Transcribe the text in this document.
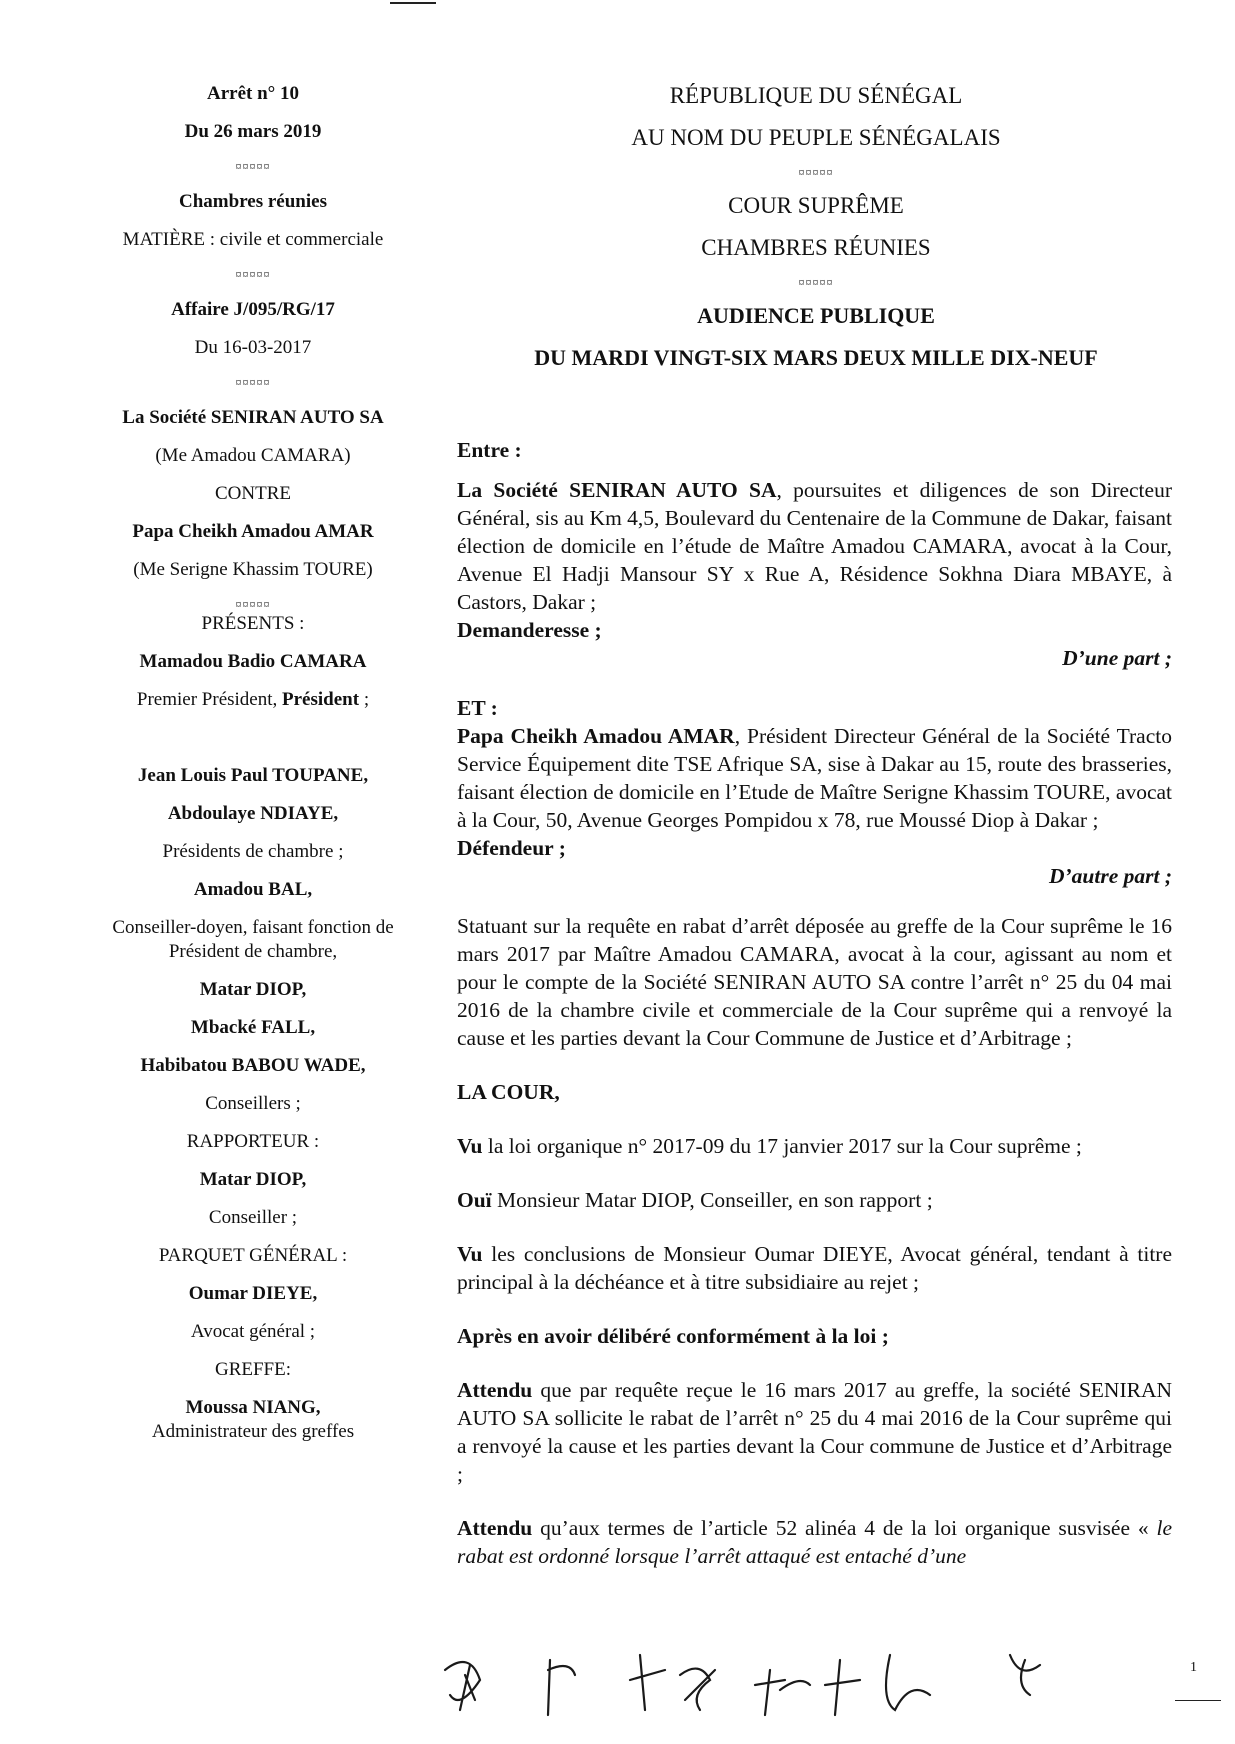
Arrêt n° 10

Du 26 mars 2019

¤¤¤¤¤

Chambres réunies

MATIÈRE : civile et commerciale

¤¤¤¤¤

Affaire J/095/RG/17

Du 16-03-2017

¤¤¤¤¤

La Société SENIRAN AUTO SA

(Me Amadou CAMARA)

CONTRE

Papa Cheikh Amadou AMAR

(Me Serigne Khassim TOURE)

¤¤¤¤¤

PRÉSENTS :

Mamadou Badio CAMARA

Premier Président, Président ;

Jean Louis Paul TOUPANE,

Abdoulaye NDIAYE,

Présidents de chambre ;

Amadou BAL,

Conseiller-doyen, faisant fonction de Président de chambre,

Matar DIOP,

Mbacké FALL,

Habibatou BABOU WADE,

Conseillers ;

RAPPORTEUR :

Matar DIOP,

Conseiller ;

PARQUET GÉNÉRAL :

Oumar DIEYE,

Avocat général ;

GREFFE:

Moussa NIANG,

Administrateur des greffes

RÉPUBLIQUE DU SÉNÉGAL
AU NOM DU PEUPLE SÉNÉGALAIS
¤¤¤¤¤
COUR SUPRÊME
CHAMBRES RÉUNIES
¤¤¤¤¤
AUDIENCE PUBLIQUE
DU MARDI VINGT-SIX MARS DEUX MILLE DIX-NEUF

Entre :

La Société SENIRAN AUTO SA, poursuites et diligences de son Directeur Général, sis au Km 4,5, Boulevard du Centenaire de la Commune de Dakar, faisant élection de domicile en l’étude de Maître Amadou CAMARA, avocat à la Cour, Avenue El Hadji Mansour SY x Rue A, Résidence Sokhna Diara MBAYE, à Castors, Dakar ;

Demanderesse ;

D’une part ;

ET :

Papa Cheikh Amadou AMAR, Président Directeur Général de la Société Tracto Service Équipement dite TSE Afrique SA, sise à Dakar au 15, route des brasseries, faisant élection de domicile en l’Etude de Maître Serigne Khassim TOURE, avocat à la Cour, 50, Avenue Georges Pompidou x 78, rue Moussé Diop à Dakar ;

Défendeur ;

D’autre part ;

Statuant sur la requête en rabat d’arrêt déposée au greffe de la Cour suprême le 16 mars 2017 par Maître Amadou CAMARA, avocat à la cour, agissant au nom et pour le compte de la Société SENIRAN AUTO SA contre l’arrêt n° 25 du 04 mai 2016 de la chambre civile et commerciale de la Cour suprême qui a renvoyé la cause et les parties devant la Cour Commune de Justice et d’Arbitrage ;

LA COUR,

Vu la loi organique n° 2017-09 du 17 janvier 2017 sur la Cour suprême ;

Ouï Monsieur Matar DIOP, Conseiller, en son rapport ;

Vu les conclusions de Monsieur Oumar DIEYE, Avocat général, tendant à titre principal à la déchéance et à titre subsidiaire au rejet ;

Après en avoir délibéré conformément à la loi ;

Attendu que par requête reçue le 16 mars 2017 au greffe, la société SENIRAN AUTO SA sollicite le rabat de l’arrêt n° 25 du 4 mai 2016 de la Cour suprême qui a renvoyé la cause et les parties devant la Cour commune de Justice et d’Arbitrage ;

Attendu qu’aux termes de l’article 52 alinéa 4 de la loi organique susvisée « le rabat est ordonné lorsque l’arrêt attaqué est entaché d’une

1
